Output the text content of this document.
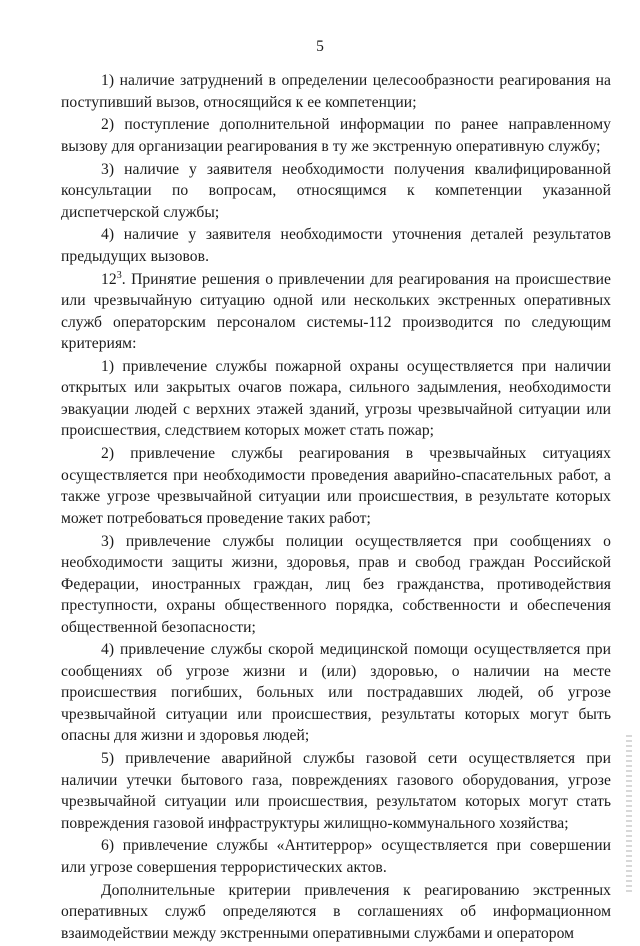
5

1) наличие затруднений в определении целесообразности реагирования на поступивший вызов, относящийся к ее компетенции;

2) поступление дополнительной информации по ранее направленному вызову для организации реагирования в ту же экстренную оперативную службу;

3) наличие у заявителя необходимости получения квалифицированной консультации по вопросам, относящимся к компетенции указанной диспетчерской службы;

4) наличие у заявителя необходимости уточнения деталей результатов предыдущих вызовов.

$12^3$. Принятие решения о привлечении для реагирования на происшествие или чрезвычайную ситуацию одной или нескольких экстренных оперативных служб операторским персоналом системы-112 производится по следующим критериям:

1) привлечение службы пожарной охраны осуществляется при наличии открытых или закрытых очагов пожара, сильного задымления, необходимости эвакуации людей с верхних этажей зданий, угрозы чрезвычайной ситуации или происшествия, следствием которых может стать пожар;

2) привлечение службы реагирования в чрезвычайных ситуациях осуществляется при необходимости проведения аварийно-спасательных работ, а также угрозе чрезвычайной ситуации или происшествия, в результате которых может потребоваться проведение таких работ;

3) привлечение службы полиции осуществляется при сообщениях о необходимости защиты жизни, здоровья, прав и свобод граждан Российской Федерации, иностранных граждан, лиц без гражданства, противодействия преступности, охраны общественного порядка, собственности и обеспечения общественной безопасности;

4) привлечение службы скорой медицинской помощи осуществляется при сообщениях об угрозе жизни и (или) здоровью, о наличии на месте происшествия погибших, больных или пострадавших людей, об угрозе чрезвычайной ситуации или происшествия, результаты которых могут быть опасны для жизни и здоровья людей;

5) привлечение аварийной службы газовой сети осуществляется при наличии утечки бытового газа, повреждениях газового оборудования, угрозе чрезвычайной ситуации или происшествия, результатом которых могут стать повреждения газовой инфраструктуры жилищно-коммунального хозяйства;

6) привлечение службы «Антитеррор» осуществляется при совершении или угрозе совершения террористических актов.

Дополнительные критерии привлечения к реагированию экстренных оперативных служб определяются в соглашениях об информационном взаимодействии между экстренными оперативными службами и оператором
